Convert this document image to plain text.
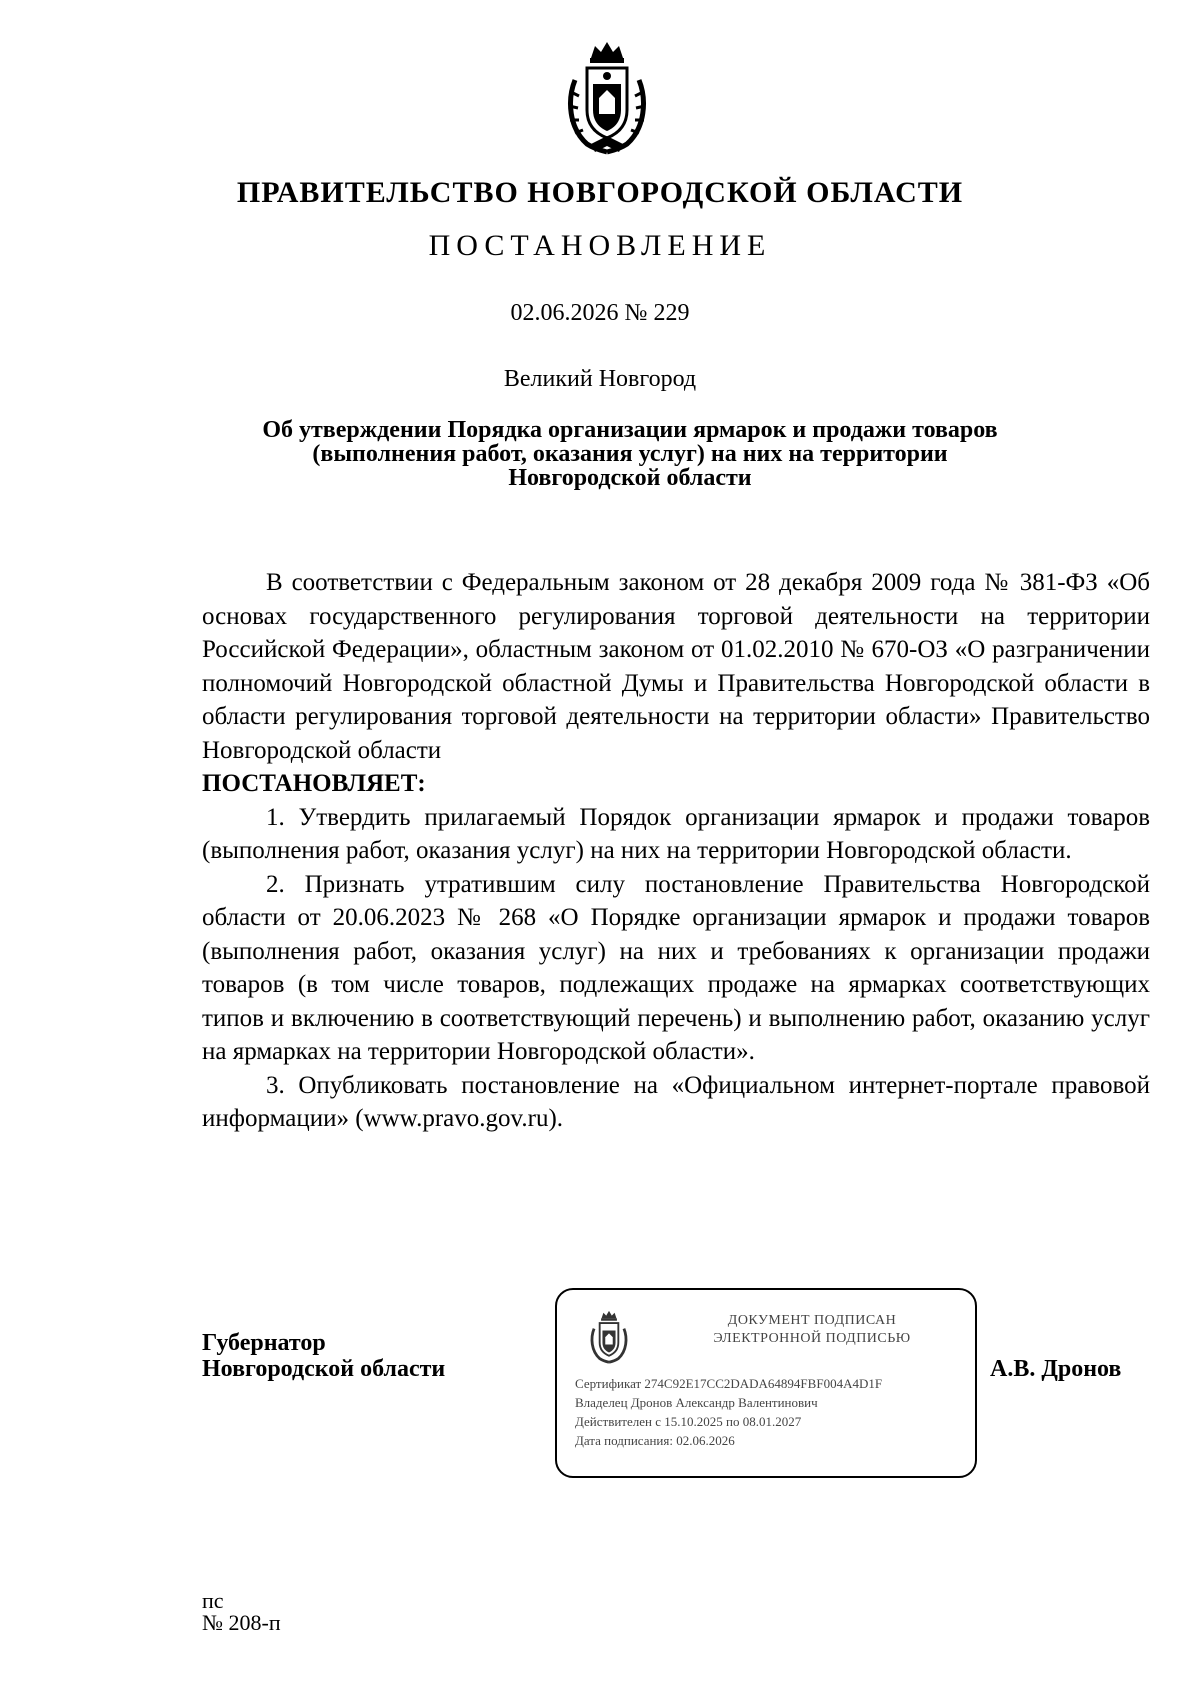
ПРАВИТЕЛЬСТВО НОВГОРОДСКОЙ ОБЛАСТИ
ПОСТАНОВЛЕНИЕ
02.06.2026 № 229
Великий Новгород
Об утверждении Порядка организации ярмарок и продажи товаров
(выполнения работ, оказания услуг) на них на территории
Новгородской области

В соответствии с Федеральным законом от 28 декабря 2009 года № 381-ФЗ «Об основах государственного регулирования торговой деятельности на территории Российской Федерации», областным законом от 01.02.2010 № 670-ОЗ «О разграничении полномочий Новгородской областной Думы и Правительства Новгородской области в области регулирования торговой деятельности на территории области» Правительство Новгородской области

ПОСТАНОВЛЯЕТ:

1. Утвердить прилагаемый Порядок организации ярмарок и продажи товаров (выполнения работ, оказания услуг) на них на территории Новгородской области.

2. Признать утратившим силу постановление Правительства Новгородской области от 20.06.2023 № 268 «О Порядке организации ярмарок и продажи товаров (выполнения работ, оказания услуг) на них и требованиях к организации продажи товаров (в том числе товаров, подлежащих продаже на ярмарках соответствующих типов и включению в соответствующий перечень) и выполнению работ, оказанию услуг на ярмарках на территории Новгородской области».

3. Опубликовать постановление на «Официальном интернет-портале правовой информации» (www.pravo.gov.ru).

Губернатор
Новгородской области
ДОКУМЕНТ ПОДПИСАН
ЭЛЕКТРОННОЙ ПОДПИСЬЮ
Сертификат 274C92E17CC2DADA64894FBF004A4D1F
Владелец Дронов Александр Валентинович
Действителен с 15.10.2025 по 08.01.2027
Дата подписания: 02.06.2026
А.В. Дронов
пс
№ 208-п
